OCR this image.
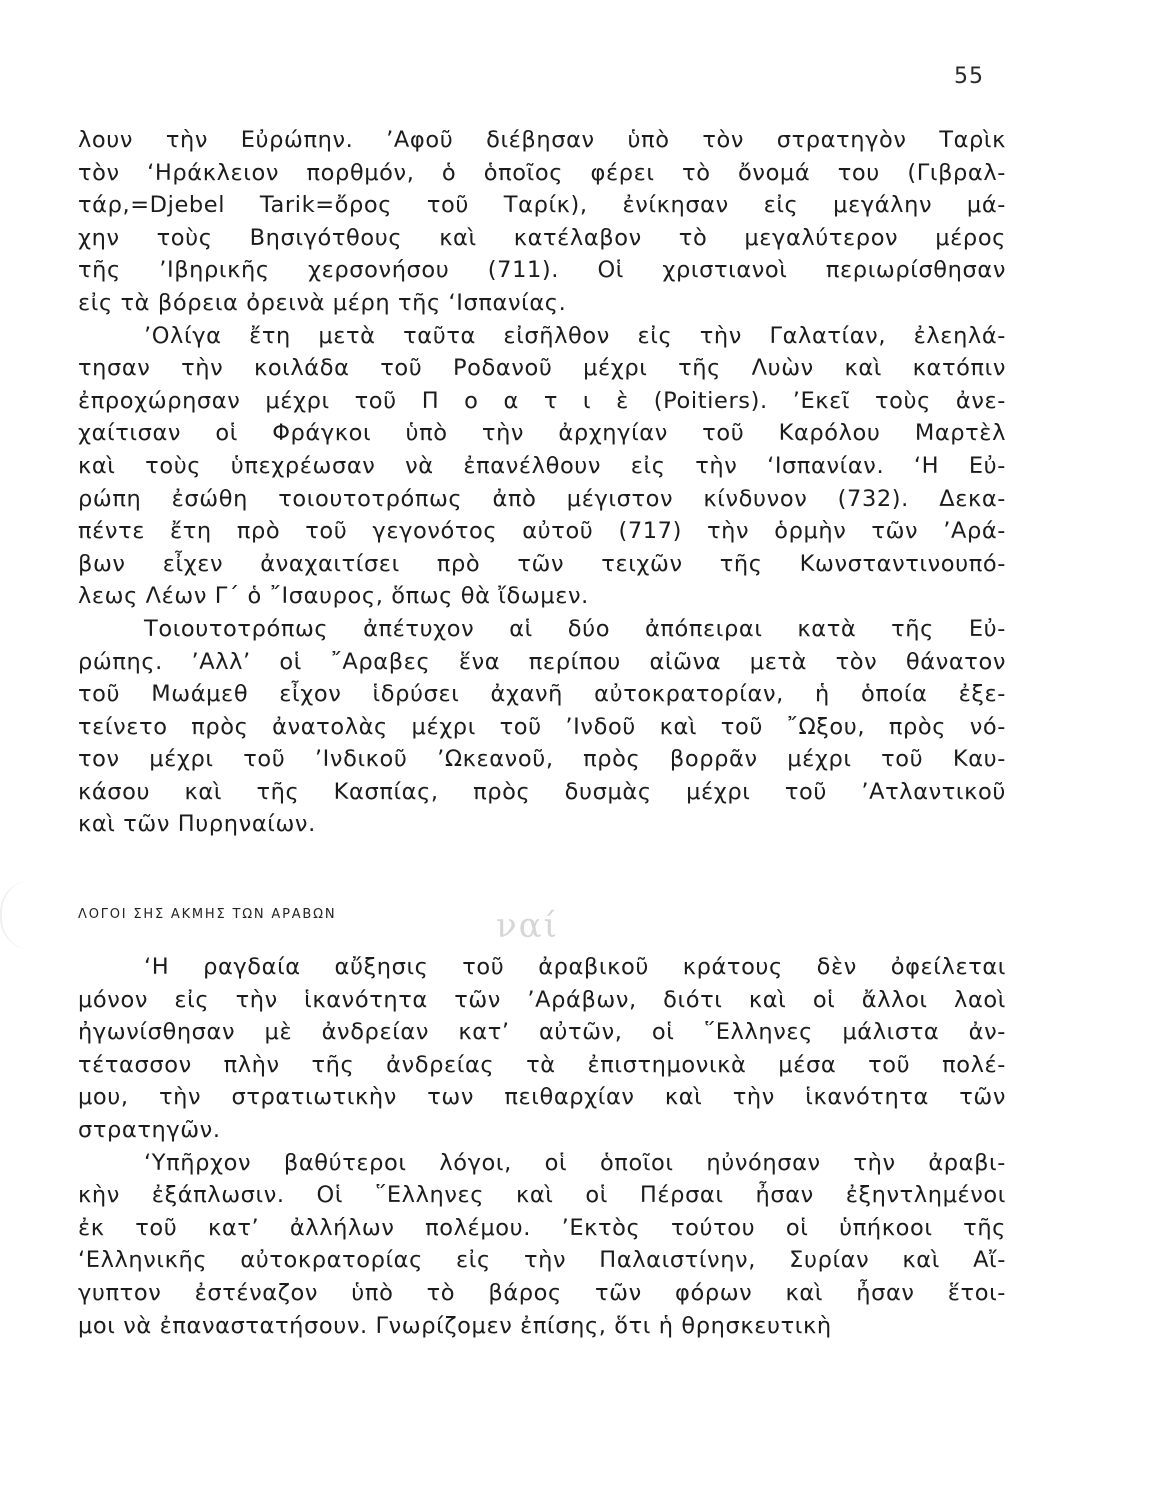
55
λουν τὴν Εὐρώπην. ’Αφοῦ διέβησαν ὑπὸ τὸν στρατηγὸν Ταρὶκ
τὸν ‘Ηράκλειον πορθμόν, ὁ ὁποῖος φέρει τὸ ὄνομά του (Γιβραλ-
τάρ,=Djebel Tarik=ὄρος τοῦ Ταρίκ), ἐνίκησαν εἰς μεγάλην μά-
χην τοὺς Βησιγότθους καὶ κατέλαβον τὸ μεγαλύτερον μέρος
τῆς ’Ιβηρικῆς χερσονήσου (711). Οἱ χριστιανοὶ περιωρίσθησαν
εἰς τὰ βόρεια ὀρεινὰ μέρη τῆς ‘Ισπανίας.
’Ολίγα ἔτη μετὰ ταῦτα εἰσῆλθον εἰς τὴν Γαλατίαν, ἐλεηλά-
τησαν τὴν κοιλάδα τοῦ Ροδανοῦ μέχρι τῆς Λυὼν καὶ κατόπιν
ἐπροχώρησαν μέχρι τοῦ Π ο α τ ι ὲ (Poitiers). ’Εκεῖ τοὺς ἀνε-
χαίτισαν οἱ Φράγκοι ὑπὸ τὴν ἀρχηγίαν τοῦ Καρόλου Μαρτὲλ
καὶ τοὺς ὑπεχρέωσαν νὰ ἐπανέλθουν εἰς τὴν ‘Ισπανίαν. ‘Η Εὐ-
ρώπη ἐσώθη τοιουτοτρόπως ἀπὸ μέγιστον κίνδυνον (732). Δεκα-
πέντε ἔτη πρὸ τοῦ γεγονότος αὐτοῦ (717) τὴν ὁρμὴν τῶν ’Αρά-
βων εἶχεν ἀναχαιτίσει πρὸ τῶν τειχῶν τῆς Κωνσταντινουπό-
λεως Λέων Γ΄ ὁ ῎Ισαυρος, ὅπως θὰ ἴδωμεν.
Τοιουτοτρόπως ἀπέτυχον αἱ δύο ἀπόπειραι κατὰ τῆς Εὐ-
ρώπης. ’Αλλ’ οἱ ῎Αραβες ἕνα περίπου αἰῶνα μετὰ τὸν θάνατον
τοῦ Μωάμεθ εἶχον ἱδρύσει ἀχανῆ αὐτοκρατορίαν, ἡ ὁποία ἐξε-
τείνετο πρὸς ἀνατολὰς μέχρι τοῦ ’Ινδοῦ καὶ τοῦ ῎Ωξου, πρὸς νό-
τον μέχρι τοῦ ’Ινδικοῦ ’Ωκεανοῦ, πρὸς βορρᾶν μέχρι τοῦ Καυ-
κάσου καὶ τῆς Κασπίας, πρὸς δυσμὰς μέχρι τοῦ ’Ατλαντικοῦ
καὶ τῶν Πυρηναίων.
ΛΟΓΟΙ ΣΗΣ ΑΚΜΗΣ ΤΩΝ ΑΡΑΒΩΝ	ναί
‘Η ραγδαία αὔξησις τοῦ ἀραβικοῦ κράτους δὲν ὀφείλεται
μόνον εἰς τὴν ἱκανότητα τῶν ’Αράβων, διότι καὶ οἱ ἄλλοι λαοὶ
ἠγωνίσθησαν μὲ ἀνδρείαν κατ’ αὐτῶν, οἱ ῞Ελληνες μάλιστα ἀν-
τέτασσον πλὴν τῆς ἀνδρείας τὰ ἐπιστημονικὰ μέσα τοῦ πολέ-
μου, τὴν στρατιωτικὴν των πειθαρχίαν καὶ τὴν ἱκανότητα τῶν
στρατηγῶν.
‘Υπῆρχον βαθύτεροι λόγοι, οἱ ὁποῖοι ηὐνόησαν τὴν ἀραβι-
κὴν ἐξάπλωσιν. Οἱ ῞Ελληνες καὶ οἱ Πέρσαι ἦσαν ἐξηντλημένοι
ἐκ τοῦ κατ’ ἀλλήλων πολέμου. ’Εκτὸς τούτου οἱ ὑπήκοοι τῆς
‘Ελληνικῆς αὐτοκρατορίας εἰς τὴν Παλαιστίνην, Συρίαν καὶ Αἴ-
γυπτον ἐστέναζον ὑπὸ τὸ βάρος τῶν φόρων καὶ ἦσαν ἕτοι-
μοι νὰ ἐπαναστατήσουν. Γνωρίζομεν ἐπίσης, ὅτι ἡ θρησκευτικὴ
